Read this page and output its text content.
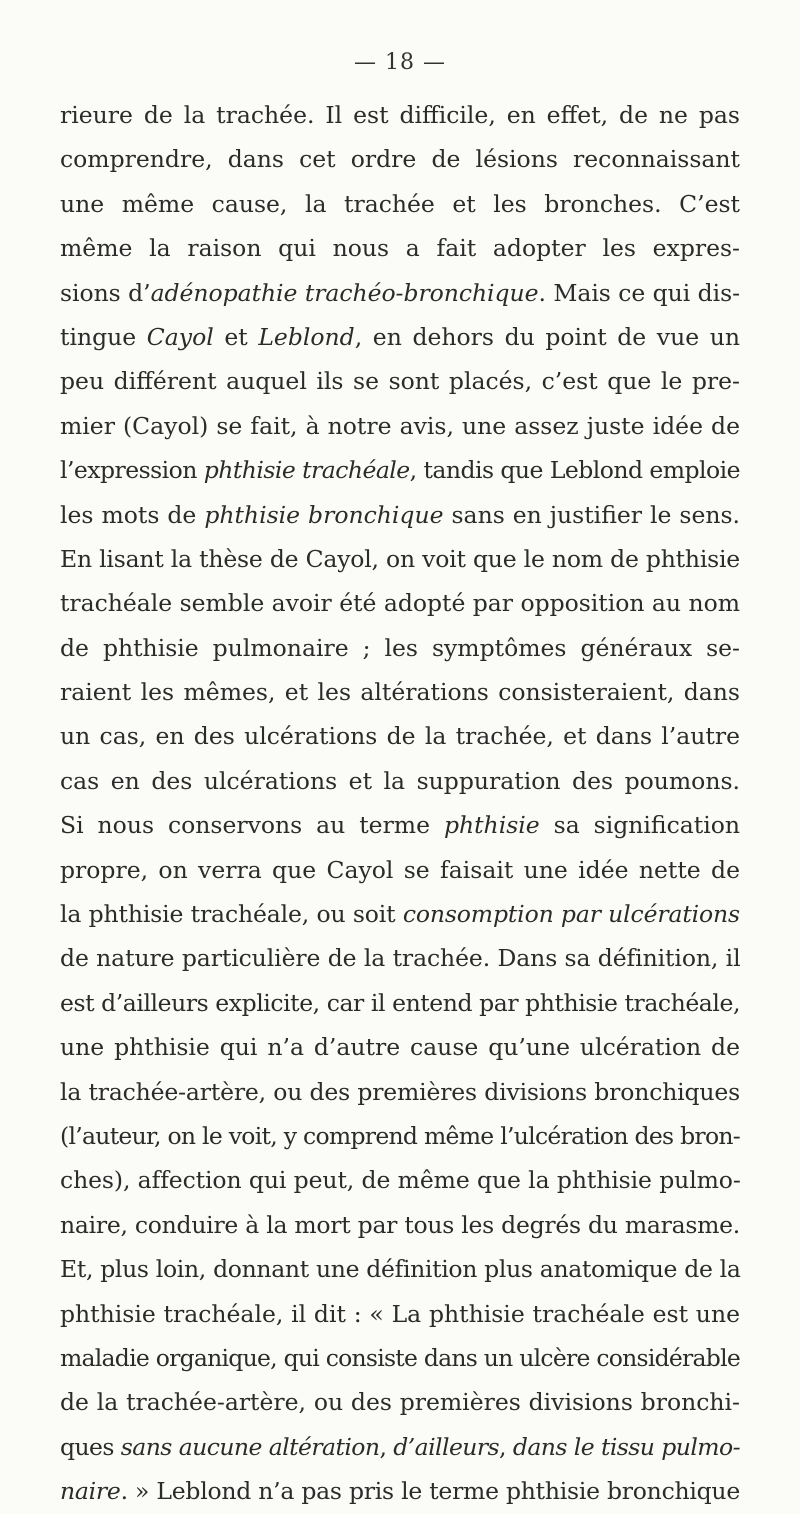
— 18 —
rieure de la trachée. Il est difficile, en effet, de ne pas
comprendre, dans cet ordre de lésions reconnaissant
une même cause, la trachée et les bronches. C’est
même la raison qui nous a fait adopter les expres-
sions d’adénopathie trachéo-bronchique. Mais ce qui dis-
tingue Cayol et Leblond, en dehors du point de vue un
peu différent auquel ils se sont placés, c’est que le pre-
mier (Cayol) se fait, à notre avis, une assez juste idée de
l’expression phthisie trachéale, tandis que Leblond emploie
les mots de phthisie bronchique sans en justifier le sens.
En lisant la thèse de Cayol, on voit que le nom de phthisie
trachéale semble avoir été adopté par opposition au nom
de phthisie pulmonaire ; les symptômes généraux se-
raient les mêmes, et les altérations consisteraient, dans
un cas, en des ulcérations de la trachée, et dans l’autre
cas en des ulcérations et la suppuration des poumons.
Si nous conservons au terme phthisie sa signification
propre, on verra que Cayol se faisait une idée nette de
la phthisie trachéale, ou soit consomption par ulcérations
de nature particulière de la trachée. Dans sa définition, il
est d’ailleurs explicite, car il entend par phthisie trachéale,
une phthisie qui n’a d’autre cause qu’une ulcération de
la trachée-artère, ou des premières divisions bronchiques
(l’auteur, on le voit, y comprend même l’ulcération des bron-
ches), affection qui peut, de même que la phthisie pulmo-
naire, conduire à la mort par tous les degrés du marasme.
Et, plus loin, donnant une définition plus anatomique de la
phthisie trachéale, il dit : « La phthisie trachéale est une
maladie organique, qui consiste dans un ulcère considérable
de la trachée-artère, ou des premières divisions bronchi-
ques sans aucune altération, d’ailleurs, dans le tissu pulmo-
naire. » Leblond n’a pas pris le terme phthisie bronchique
